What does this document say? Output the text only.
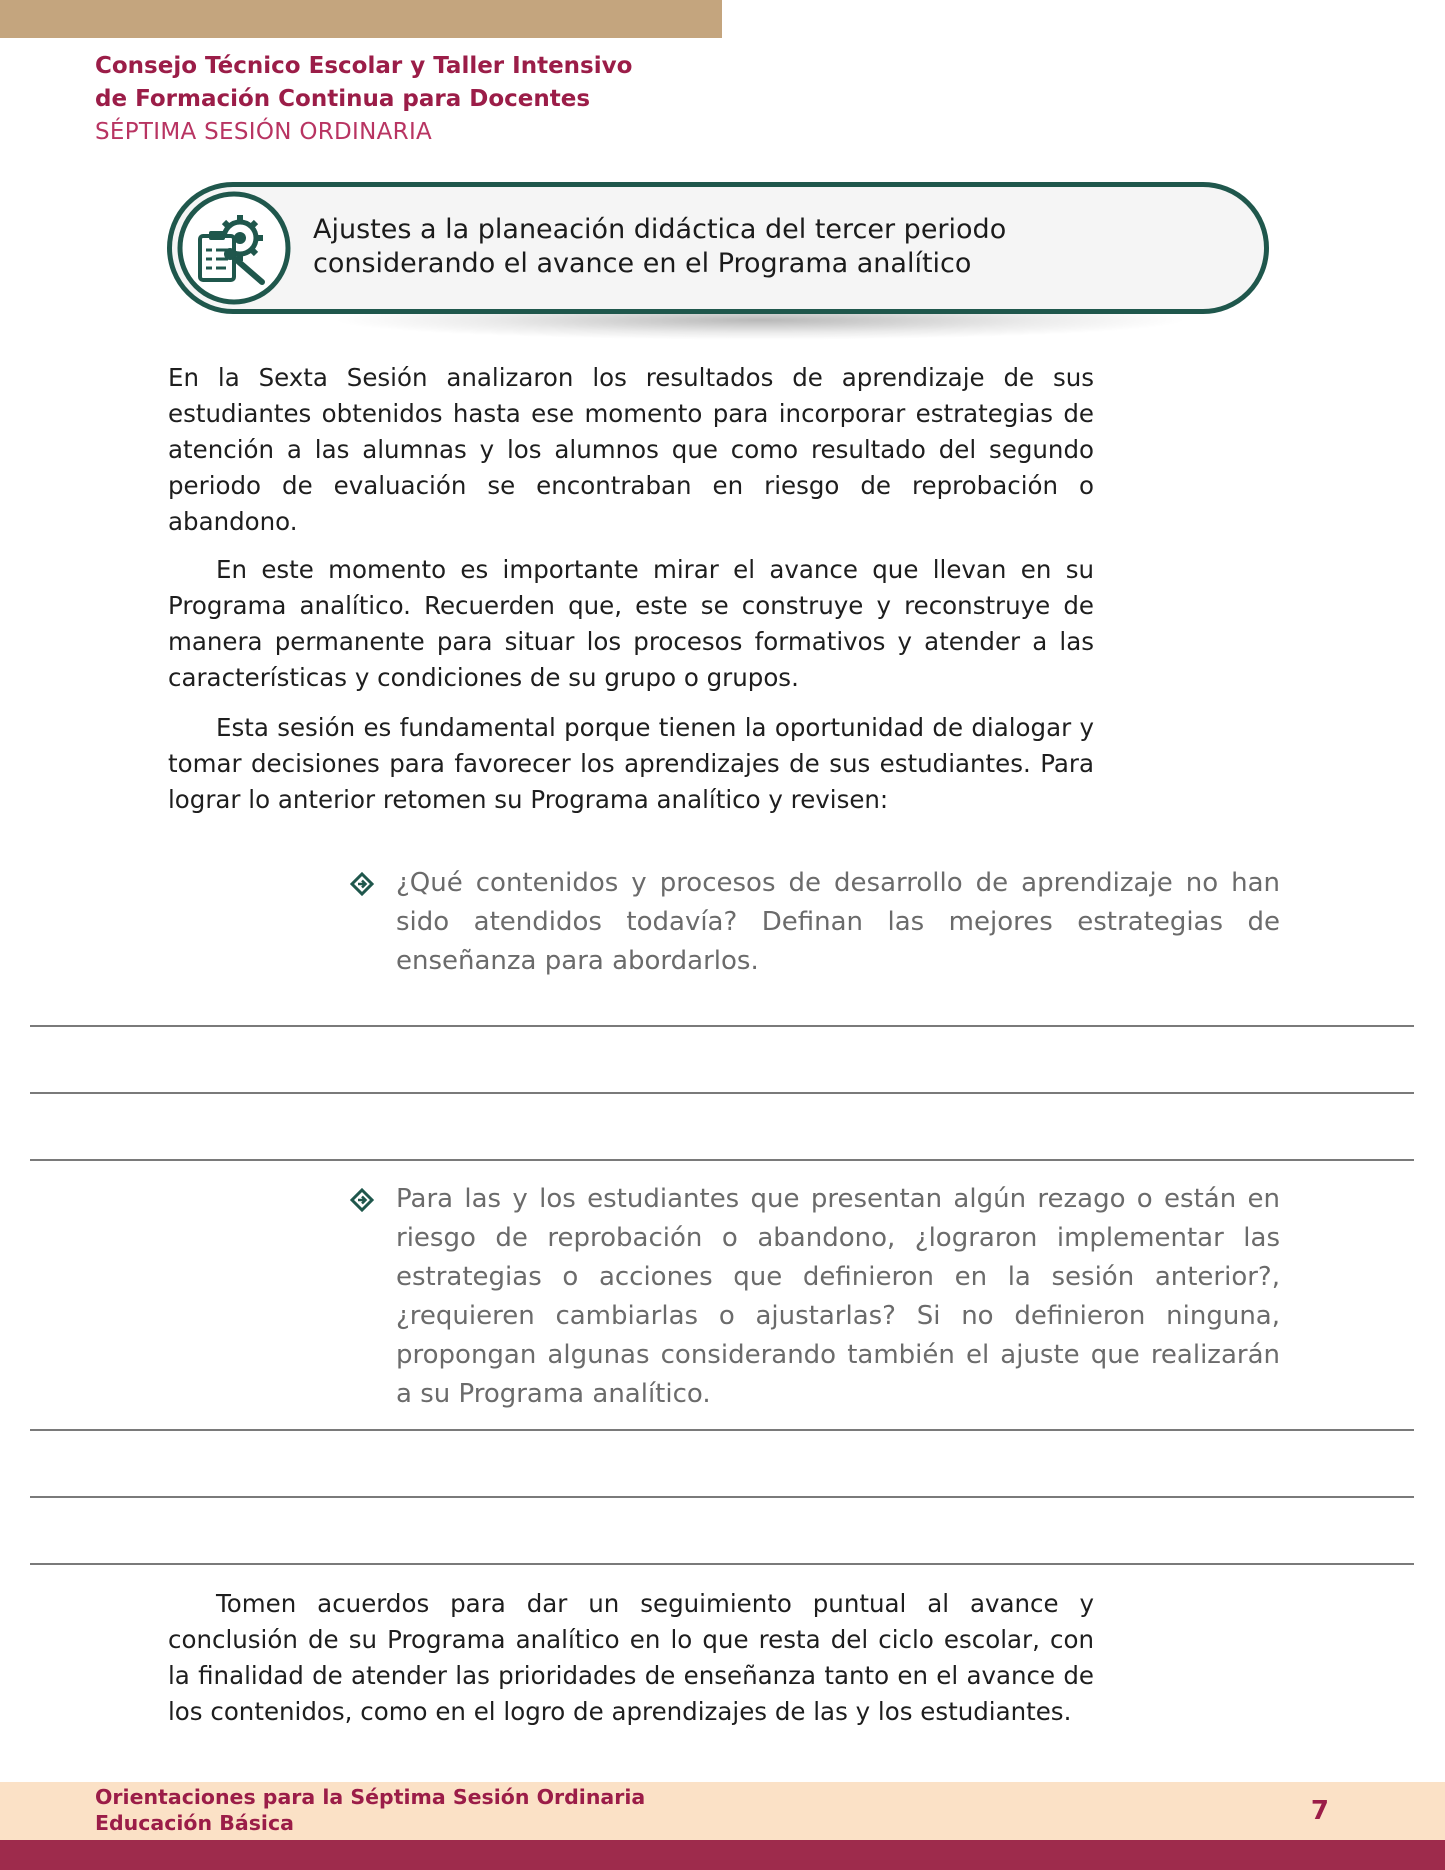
Consejo Técnico Escolar y Taller Intensivo
de Formación Continua para Docentes
SÉPTIMA SESIÓN ORDINARIA
Ajustes a la planeación didáctica del tercer periodo
considerando el avance en el Programa analítico

En la Sexta Sesión analizaron los resultados de aprendizaje de sus estudiantes obtenidos hasta ese momento para incorporar estrategias de atención a las alumnas y los alumnos que como resultado del segundo periodo de evaluación se encontraban en riesgo de reprobación o abandono.

En este momento es importante mirar el avance que llevan en su Programa analítico. Recuerden que, este se construye y reconstruye de manera permanente para situar los procesos formativos y atender a las características y condiciones de su grupo o grupos.

Esta sesión es fundamental porque tienen la oportunidad de dialogar y tomar decisiones para favorecer los aprendizajes de sus estudiantes. Para lograr lo anterior retomen su Programa analítico y revisen:

¿Qué contenidos y procesos de desarrollo de aprendizaje no han sido atendidos todavía? Definan las mejores estrategias de enseñanza para abordarlos.
Para las y los estudiantes que presentan algún rezago o están en riesgo de reprobación o abandono, ¿lograron implementar las estrategias o acciones que definieron en la sesión anterior?, ¿requieren cambiarlas o ajustarlas? Si no definieron ninguna, propongan algunas considerando también el ajuste que realizarán a su Programa analítico.

Tomen acuerdos para dar un seguimiento puntual al avance y conclusión de su Programa analítico en lo que resta del ciclo escolar, con la finalidad de atender las prioridades de enseñanza tanto en el avance de los contenidos, como en el logro de aprendizajes de las y los estudiantes.

Orientaciones para la Séptima Sesión Ordinaria
Educación Básica	7
